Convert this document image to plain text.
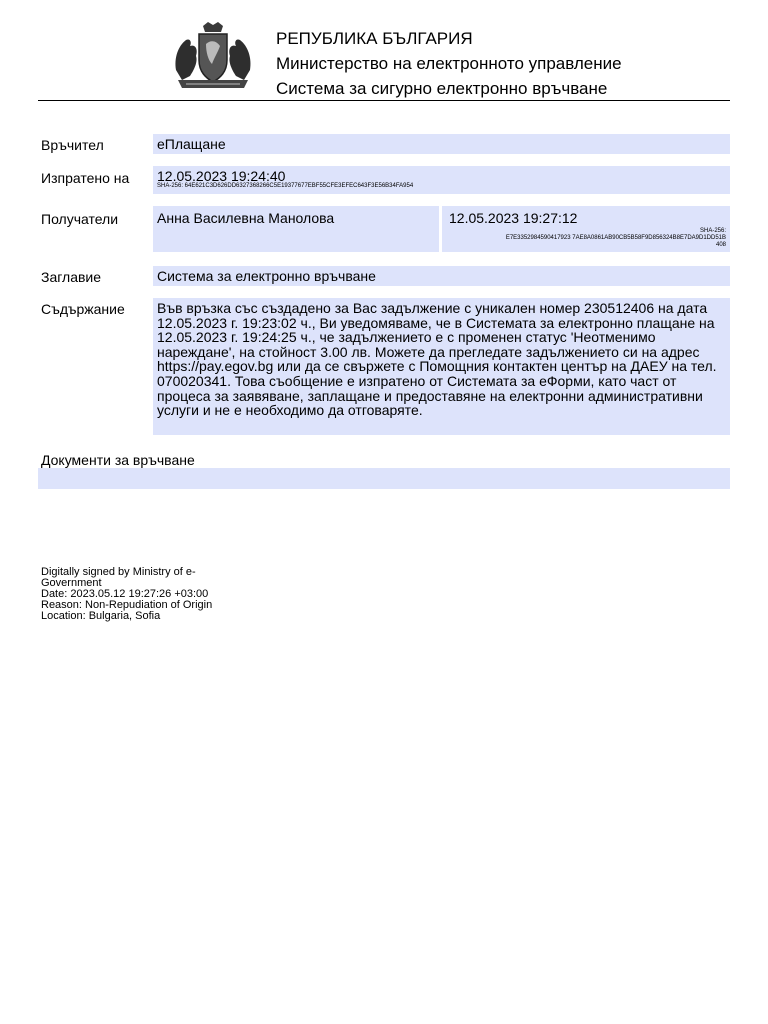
РЕПУБЛИКА БЪЛГАРИЯ
Министерство на електронното управление
Система за сигурно електронно връчване
Връчител	еПлащане
Изпратено на 12.05.2023 19:24:40
SHA-256: 64E621C3D626DD6327368266C5E19377677EBF55CFE3EFEC643F3E56B34FA954
Получатели	Анна Василевна Манолова	12.05.2023 19:27:12
SHA-256:
E7E3352984590417923 7AE8A0861AB90CB5B58F9D856324B8E7DA9D1DD51B
408
Заглавие	Система за електронно връчване
Съдържание Във връзка със създадено за Вас задължение с уникален номер 230512406 на дата 12.05.2023 г. 19:23:02 ч., Ви уведомяваме, че в Системата за електронно плащане на 12.05.2023 г. 19:24:25 ч., че задължението е с променен статус 'Неотменимо нареждане', на стойност 3.00 лв. Можете да прегледате задължението си на адрес https://pay.egov.bg или да се свържете с Помощния контактен център на ДАЕУ на тел. 070020341. Това съобщение е изпратено от Системата за еФорми, като част от процеса за заявяване, заплащане и предоставяне на електронни административни услуги и не е необходимо да отговаряте.
Документи за връчване
Digitally signed by Ministry of e-
Government
Date: 2023.05.12 19:27:26 +03:00
Reason: Non-Repudiation of Origin
Location: Bulgaria, Sofia
